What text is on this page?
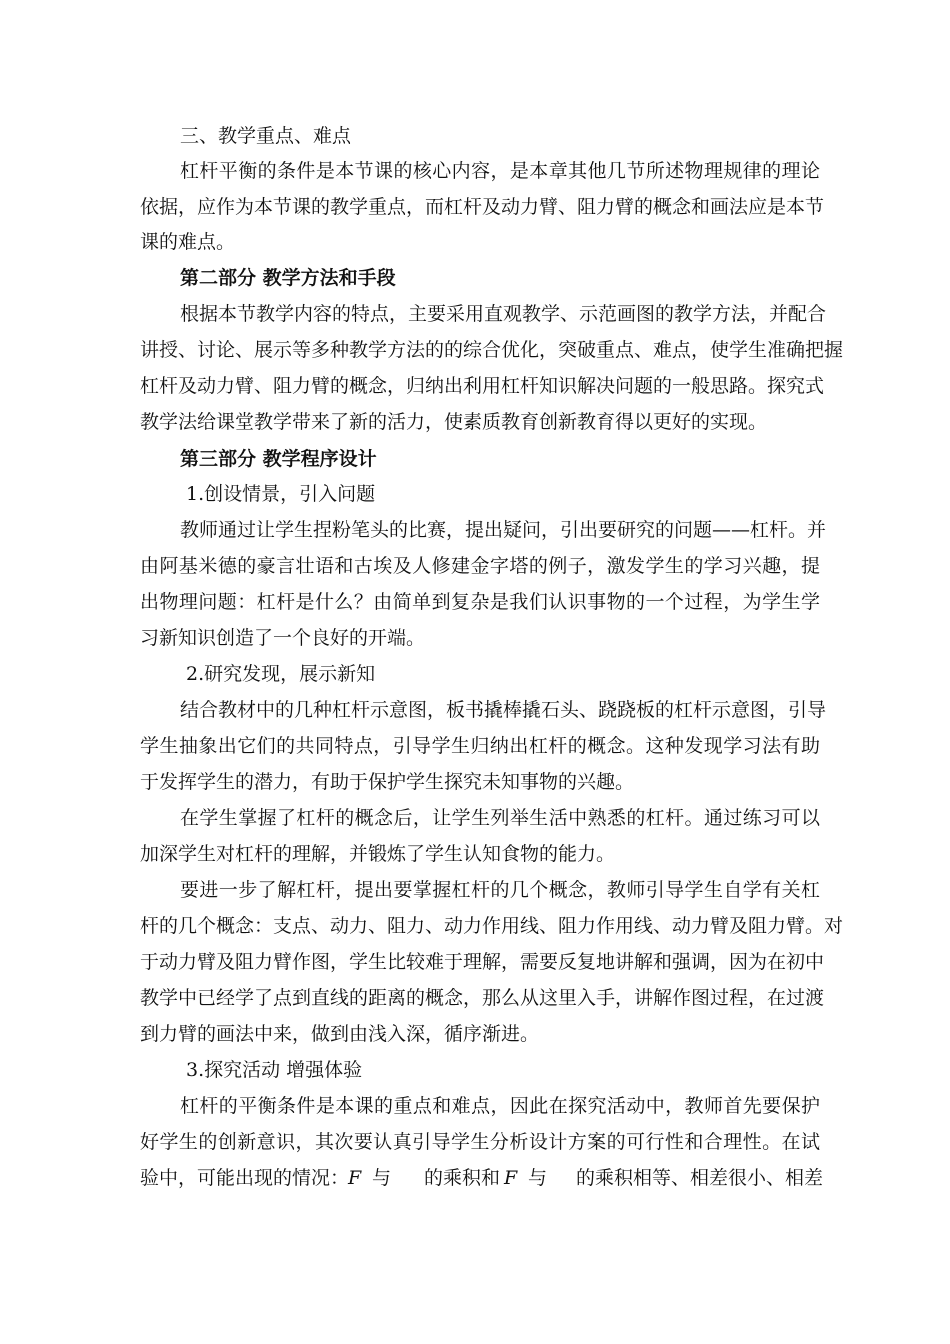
三、教学重点、难点
杠杆平衡的条件是本节课的核心内容，是本章其他几节所述物理规律的理论
依据，应作为本节课的教学重点，而杠杆及动力臂、阻力臂的概念和画法应是本节
课的难点。
第二部分 教学方法和手段
根据本节教学内容的特点，主要采用直观教学、示范画图的教学方法，并配合
讲授、讨论、展示等多种教学方法的的综合优化，突破重点、难点，使学生准确把握
杠杆及动力臂、阻力臂的概念，归纳出利用杠杆知识解决问题的一般思路。探究式
教学法给课堂教学带来了新的活力，使素质教育创新教育得以更好的实现。
第三部分 教学程序设计
1.创设情景，引入问题
教师通过让学生捏粉笔头的比赛，提出疑问，引出要研究的问题——杠杆。并
由阿基米德的豪言壮语和古埃及人修建金字塔的例子，激发学生的学习兴趣，提
出物理问题：杠杆是什么？由简单到复杂是我们认识事物的一个过程，为学生学
习新知识创造了一个良好的开端。
2.研究发现，展示新知
结合教材中的几种杠杆示意图，板书撬棒撬石头、跷跷板的杠杆示意图，引导
学生抽象出它们的共同特点，引导学生归纳出杠杆的概念。这种发现学习法有助
于发挥学生的潜力，有助于保护学生探究未知事物的兴趣。
在学生掌握了杠杆的概念后，让学生列举生活中熟悉的杠杆。通过练习可以
加深学生对杠杆的理解，并锻炼了学生认知食物的能力。
要进一步了解杠杆，提出要掌握杠杆的几个概念，教师引导学生自学有关杠
杆的几个概念：支点、动力、阻力、动力作用线、阻力作用线、动力臂及阻力臂。对
于动力臂及阻力臂作图，学生比较难于理解，需要反复地讲解和强调，因为在初中
教学中已经学了点到直线的距离的概念，那么从这里入手，讲解作图过程，在过渡
到力臂的画法中来，做到由浅入深，循序渐进。
3.探究活动 增强体验
杠杆的平衡条件是本课的重点和难点，因此在探究活动中，教师首先要保护
好学生的创新意识，其次要认真引导学生分析设计方案的可行性和合理性。在试
验中，可能出现的情况：
F 与 的乘积和 F 与 的乘积相等、相差很小、相差
